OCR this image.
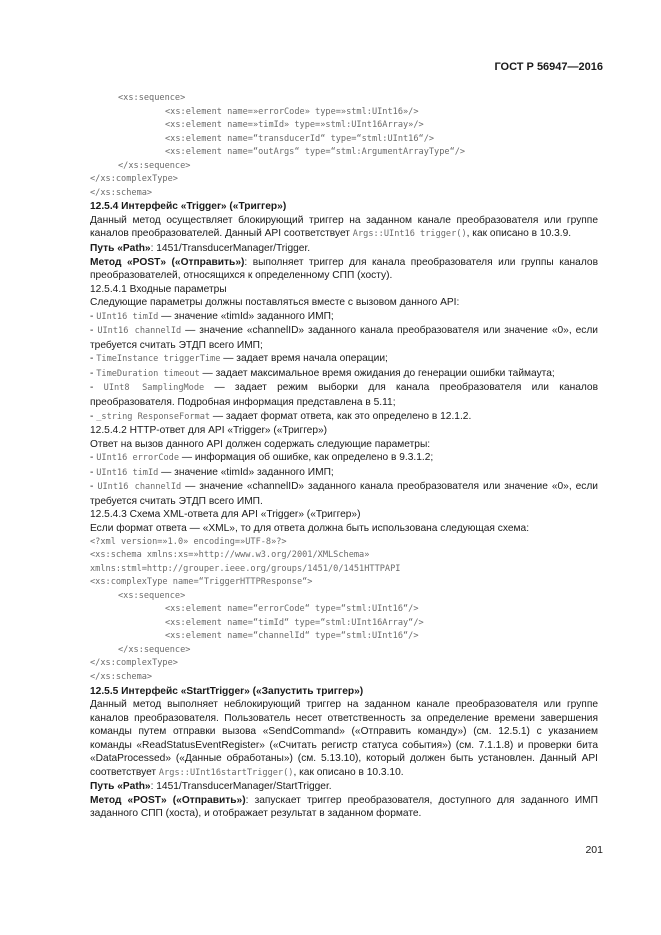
ГОСТ Р 56947—2016
<xs:sequence>
<xs:element name=»errorCode» type=»stml:UInt16»/>
<xs:element name=»timId» type=»stml:UInt16Array»/>
<xs:element name=“transducerId“ type=“stml:UInt16“/>
<xs:element name=“outArgs“ type=“stml:ArgumentArrayType“/>
</xs:sequence>
</xs:complexType>
</xs:schema>

12.5.4 Интерфейс «Trigger» («Триггер»)

Данный метод осуществляет блокирующий триггер на заданном канале преобразователя или группе каналов преобразователей. Данный API соответствует Args::UInt16 trigger(), как описано в 10.3.9.

Путь «Path»: 1451/TransducerManager/Trigger.

Метод «POST» («Отправить»): выполняет триггер для канала преобразователя или группы каналов преобразователей, относящихся к определенному СПП (хосту).

12.5.4.1 Входные параметры

Следующие параметры должны поставляться вместе с вызовом данного API:

- UInt16 timId — значение «timId» заданного ИМП;

- UInt16 channelId — значение «channelID» заданного канала преобразователя или значение «0», если требуется считать ЭТДП всего ИМП;

- TimeInstance triggerTime — задает время начала операции;

- TimeDuration timeout — задает максимальное время ожидания до генерации ошибки таймаута;

- UInt8 SamplingMode — задает режим выборки для канала преобразователя или каналов преобразователя. Подробная информация представлена в 5.11;

- _string ResponseFormat — задает формат ответа, как это определено в 12.1.2.

12.5.4.2 HTTP-ответ для API «Trigger» («Триггер»)

Ответ на вызов данного API должен содержать следующие параметры:

- UInt16 errorCode — информация об ошибке, как определено в 9.3.1.2;

- UInt16 timId — значение «timId» заданного ИМП;

- UInt16 channelId — значение «channelID» заданного канала преобразователя или значение «0», если требуется считать ЭТДП всего ИМП.

12.5.4.3 Схема XML-ответа для API «Trigger» («Триггер»)

Если формат ответа — «XML», то для ответа должна быть использована следующая схема:

<?xml version=»1.0» encoding=»UTF-8»?>
<xs:schema xmlns:xs=»http://www.w3.org/2001/XMLSchema»
xmlns:stml=http://grouper.ieee.org/groups/1451/0/1451HTTPAPI
<xs:complexType name=“TriggerHTTPResponse“>
<xs:sequence>
<xs:element name=“errorCode“ type=“stml:UInt16“/>
<xs:element name=“timId“ type=“stml:UInt16Array“/>
<xs:element name=“channelId“ type=“stml:UInt16“/>
</xs:sequence>
</xs:complexType>
</xs:schema>

12.5.5 Интерфейс «StartTrigger» («Запустить триггер»)

Данный метод выполняет неблокирующий триггер на заданном канале преобразователя или группе каналов преобразователя. Пользователь несет ответственность за определение времени завершения команды путем отправки вызова «SendCommand» («Отправить команду») (см. 12.5.1) с указанием команды «ReadStatusEventRegister» («Считать регистр статуса события») (см. 7.1.1.8) и проверки бита «DataProcessed» («Данные обработаны») (см. 5.13.10), который должен быть установлен. Данный API соответствует Args::UInt16startTrigger(), как описано в 10.3.10.

Путь «Path»: 1451/TransducerManager/StartTrigger.

Метод «POST» («Отправить»): запускает триггер преобразователя, доступного для заданного ИМП заданного СПП (хоста), и отображает результат в заданном формате.

201
